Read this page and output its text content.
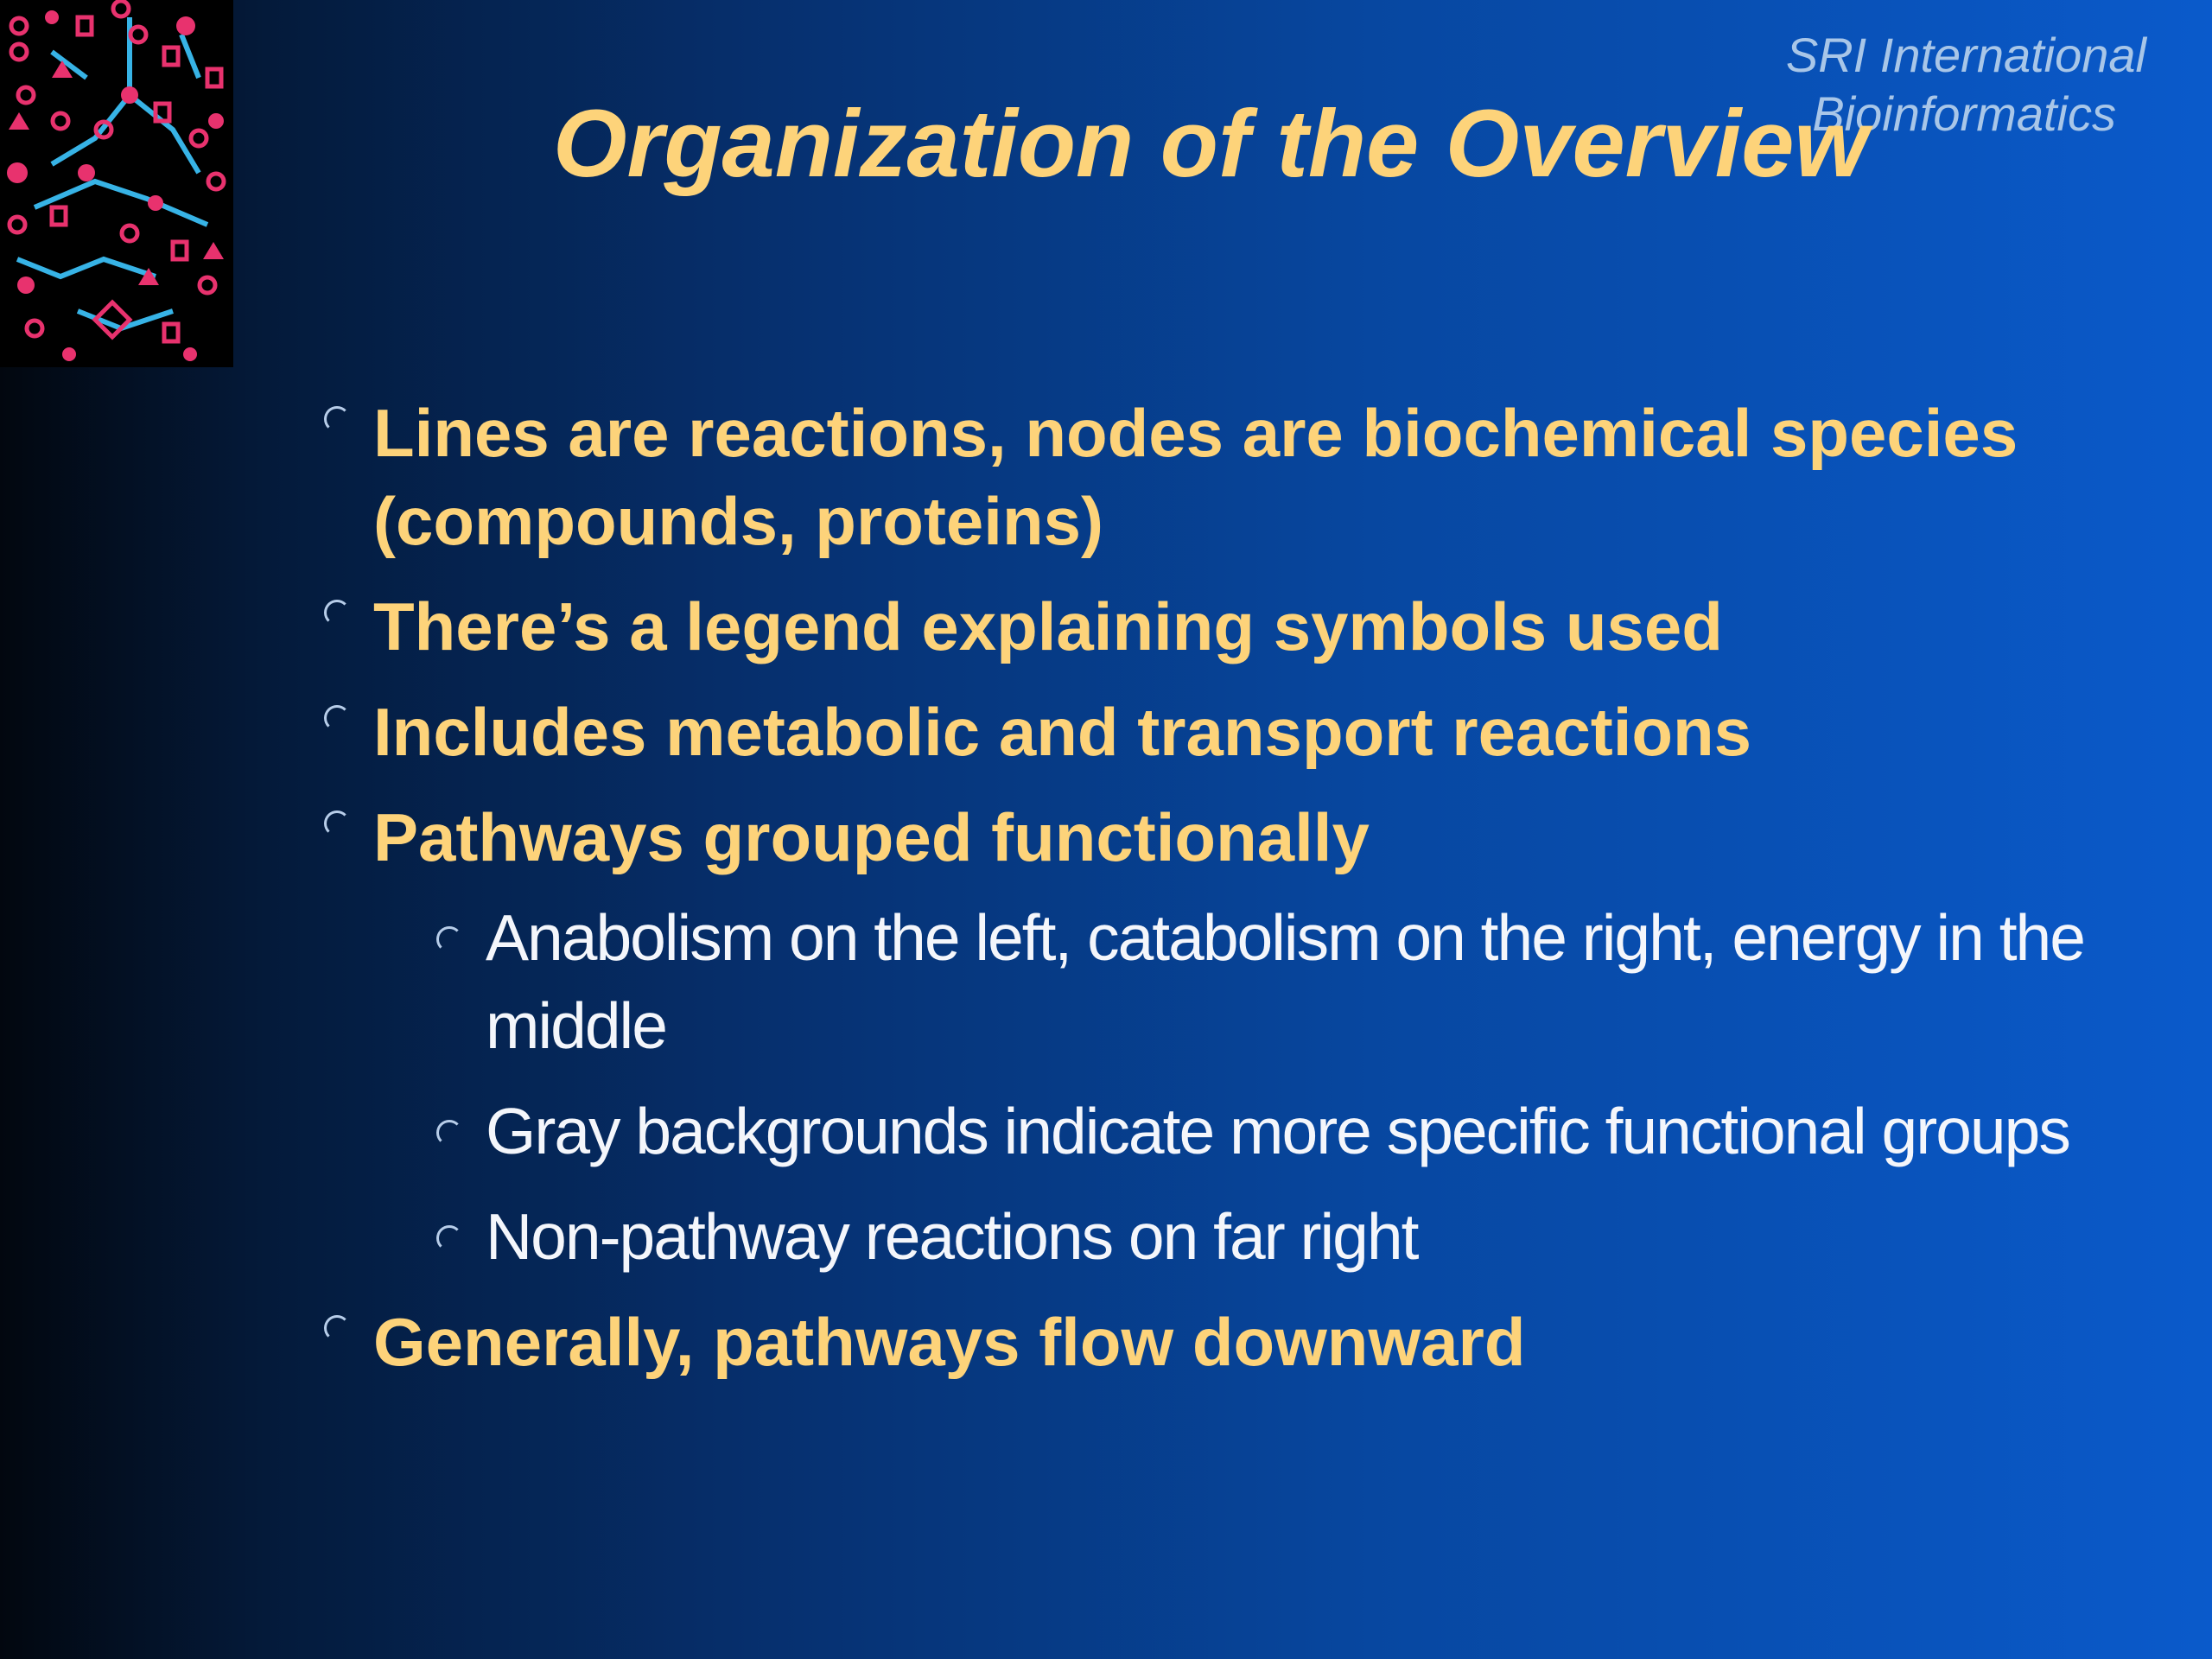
SRI International
Bioinformatics
Organization of the Overview
Lines are reactions, nodes are biochemical species (compounds, proteins)
There’s a legend explaining symbols used
Includes metabolic and transport reactions
Pathways grouped functionally
Anabolism on the left, catabolism on the right, energy in the middle
Gray backgrounds indicate more specific functional groups
Non-pathway reactions on far right
Generally, pathways flow downward
